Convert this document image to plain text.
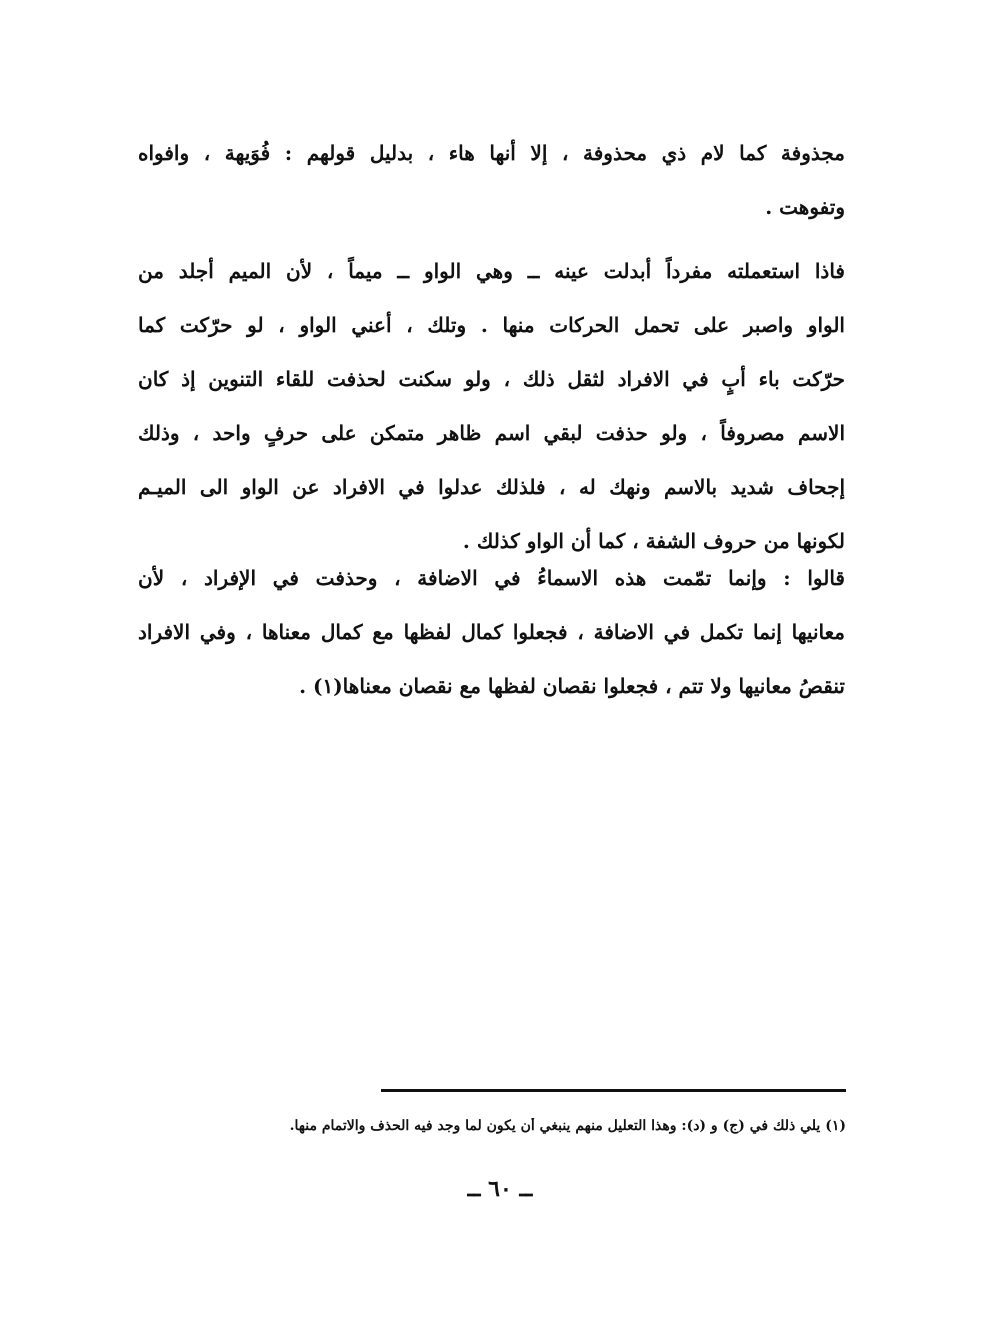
مجذوفة كما لام ذي محذوفة ، إلا أنها هاء ، بدليل قولهم : فُوَيهة ، وافواه
وتفوهت .
فاذا استعملته مفرداً أبدلت عينه ــ وهي الواو ــ ميماً ، لأن الميم أجلد من
الواو واصبر على تحمل الحركات منها . وتلك ، أعني الواو ، لو حرّكت كما
حرّكت باء أبٍ في الافراد لثقل ذلك ، ولو سكنت لحذفت للقاء التنوين إذ كان
الاسم مصروفاً ، ولو حذفت لبقي اسم ظاهر متمكن على حرفٍ واحد ، وذلك
إجحاف شديد بالاسم ونهك له ، فلذلك عدلوا في الافراد عن الواو الى الميـم
لكونها من حروف الشفة ، كما أن الواو كذلك .
قالوا : وإنما تمّمت هذه الاسماءُ في الاضافة ، وحذفت في الإفراد ، لأن
معانيها إنما تكمل في الاضافة ، فجعلوا كمال لفظها مع كمال معناها ، وفي الافراد
تنقصُ معانيها ولا تتم ، فجعلوا نقصان لفظها مع نقصان معناها(١) .
(١) يلي ذلك في (ج) و (د): وهذا التعليل منهم ينبغي أن يكون لما وجد فيه الحذف والاتمام منها.
ــ ٦٠ ــ
